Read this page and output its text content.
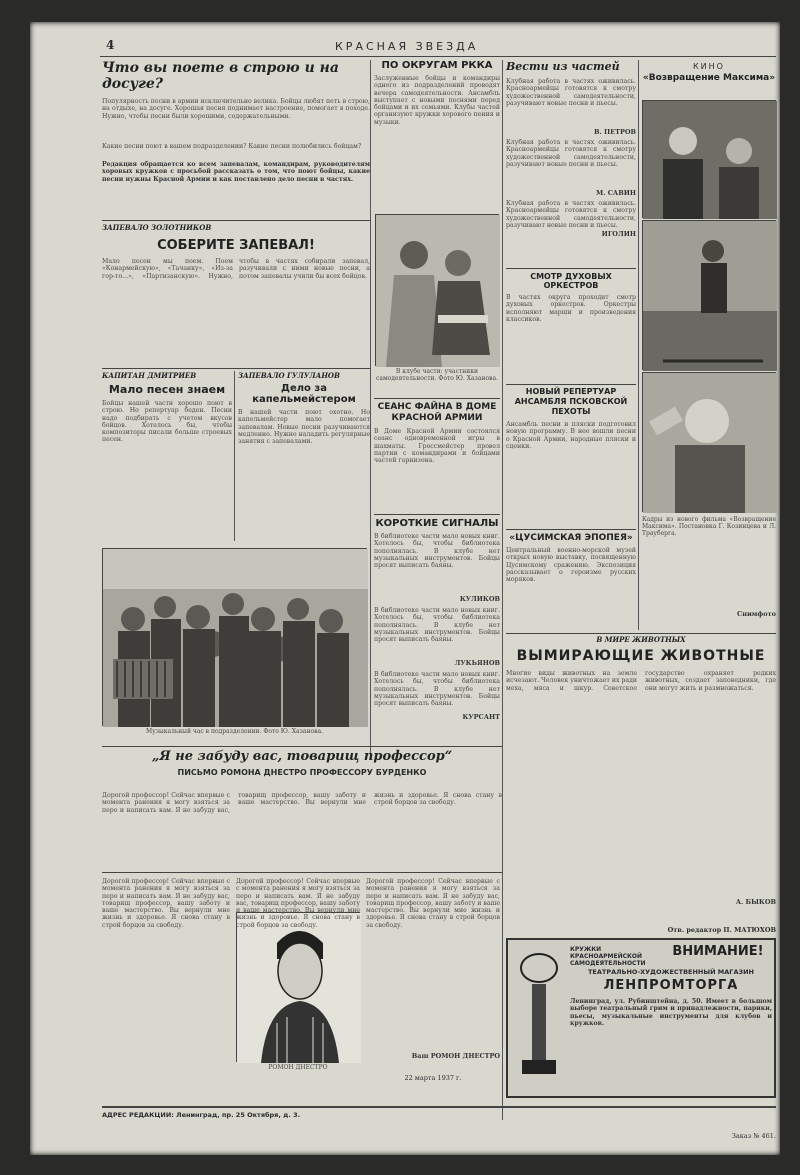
4	КРАСНАЯ ЗВЕЗДА
Что вы поете в строю и на досуге?
Популярность песни в армии исключительно велика. Бойцы любят петь в строю, на отдыхе, на досуге. Хорошая песня поднимает настроение, помогает в походе. Нужно, чтобы песни были хорошими, содержательными.
Какие песни поют в вашем подразделении? Какие песни полюбились бойцам?
Редакция обращается ко всем запевалам, командирам, руководителям хоровых кружков с просьбой рассказать о том, что поют бойцы, какие песни нужны Красной Армии и как поставлено дело песни в частях.
ЗАПЕВАЛО ЗОЛОТНИКОВ
СОБЕРИТЕ ЗАПЕВАЛ!
Мало песен мы поем. Поем «Конармейскую», «Тачанку», «Из-за гор-то...», «Партизанскую». Нужно, чтобы в частях собирали запевал, разучивали с ними новые песни, а потом запевалы учили бы всех бойцов.
КАПИТАН ДМИТРИЕВ
Мало песен знаем
Бойцы нашей части хорошо поют в строю. Но репертуар беден. Песни надо подбирать с учетом вкусов бойцов. Хотелось бы, чтобы композиторы писали больше строевых песен.
ЗАПЕВАЛО ГУЛУЛАНОВ
Дело за капельмейстером
В нашей части поют охотно. Но капельмейстер мало помогает запевалам. Новые песни разучиваются медленно. Нужно наладить регулярные занятия с запевалами.
Музыкальный час в подразделении. Фото Ю. Хазанова.
ПО ОКРУГАМ РККА
Заслуженные бойцы и командиры одного из подразделений проводят вечера самодеятельности. Ансамбль выступает с новыми песнями перед бойцами и их семьями. Клубы частей организуют кружки хорового пения и музыки.
В клубе части: участники самодеятельности. Фото Ю. Хазанова.
СЕАНС ФАЙНА В ДОМЕ КРАСНОЙ АРМИИ
В Доме Красной Армии состоялся сеанс одновременной игры в шахматы. Гроссмейстер провел партии с командирами и бойцами частей гарнизона.
КОРОТКИЕ СИГНАЛЫ
В библиотеке части мало новых книг. Хотелось бы, чтобы библиотека пополнялась. В клубе нет музыкальных инструментов. Бойцы просят выписать баяны.
КУЛИКОВ
В библиотеке части мало новых книг. Хотелось бы, чтобы библиотека пополнялась. В клубе нет музыкальных инструментов. Бойцы просят выписать баяны.
ЛУКЬЯНОВ
В библиотеке части мало новых книг. Хотелось бы, чтобы библиотека пополнялась. В клубе нет музыкальных инструментов. Бойцы просят выписать баяны.
КУРСАНТ
Вести из частей
Клубная работа в частях оживилась. Красноармейцы готовятся к смотру художественной самодеятельности, разучивают новые песни и пьесы.
В. ПЕТРОВ
Клубная работа в частях оживилась. Красноармейцы готовятся к смотру художественной самодеятельности, разучивают новые песни и пьесы.
М. САВИН
Клубная работа в частях оживилась. Красноармейцы готовятся к смотру художественной самодеятельности, разучивают новые песни и пьесы.
ИГОЛИН
СМОТР ДУХОВЫХ ОРКЕСТРОВ
В частях округа проходит смотр духовых оркестров. Оркестры исполняют марши и произведения классиков.
НОВЫЙ РЕПЕРТУАР АНСАМБЛЯ ПСКОВСКОЙ ПЕХОТЫ
Ансамбль песни и пляски подготовил новую программу. В нее вошли песни о Красной Армии, народные пляски и сценки.
«ЦУСИМСКАЯ ЭПОПЕЯ»
Центральный военно-морской музей открыл новую выставку, посвященную Цусимскому сражению. Экспозиция рассказывает о героизме русских моряков.
КИНО
«Возвращение Максима»
Кадры из нового фильма «Возвращение Максима». Постановка Г. Козинцева и Л. Трауберга.
Снимфото
В МИРЕ ЖИВОТНЫХ
ВЫМИРАЮЩИЕ ЖИВОТНЫЕ
Многие виды животных на земле исчезают. Человек уничтожает их ради меха, мяса и шкур. Советское государство охраняет редких животных, создает заповедники, где они могут жить и размножаться.
А. БЫКОВ
Отв. редактор П. МАТЮХОВ
КРУЖКИ КРАСНОАРМЕЙСКОЙ САМОДЕЯТЕЛЬНОСТИ
ВНИМАНИЕ!
ТЕАТРАЛЬНО-ХУДОЖЕСТВЕННЫЙ МАГАЗИН
ЛЕНПРОМТОРГА
Ленинград, ул. Рубинштейна, д. 50. Имеет в большом выборе театральный грим и принадлежности, парики, пьесы, музыкальные инструменты для клубов и кружков.
„Я не забуду вас, товарищ профессор“
ПИСЬМО РОМОНА ДНЕСТРО ПРОФЕССОРУ БУРДЕНКО
Дорогой профессор! Сейчас впервые с момента ранения я могу взяться за перо и написать вам. Я не забуду вас, товарищ профессор, вашу заботу и ваше мастерство. Вы вернули мне жизнь и здоровье. Я снова стану в строй борцов за свободу.
Дорогой профессор! Сейчас впервые с момента ранения я могу взяться за перо и написать вам. Я не забуду вас, товарищ профессор, вашу заботу и ваше мастерство. Вы вернули мне жизнь и здоровье. Я снова стану в строй борцов за свободу.
РОМОН ДНЕСТРО
Дорогой профессор! Сейчас впервые с момента ранения я могу взяться за перо и написать вам. Я не забуду вас, товарищ профессор, вашу заботу и ваше мастерство. Вы вернули мне жизнь и здоровье. Я снова стану в строй борцов за свободу.
Дорогой профессор! Сейчас впервые с момента ранения я могу взяться за перо и написать вам. Я не забуду вас, товарищ профессор, вашу заботу и ваше мастерство. Вы вернули мне жизнь и здоровье. Я снова стану в строй борцов за свободу.
Ваш РОМОН ДНЕСТРО
22 марта 1937 г.
АДРЕС РЕДАКЦИИ: Ленинград, пр. 25 Октября, д. 3.
Заказ № 461.
